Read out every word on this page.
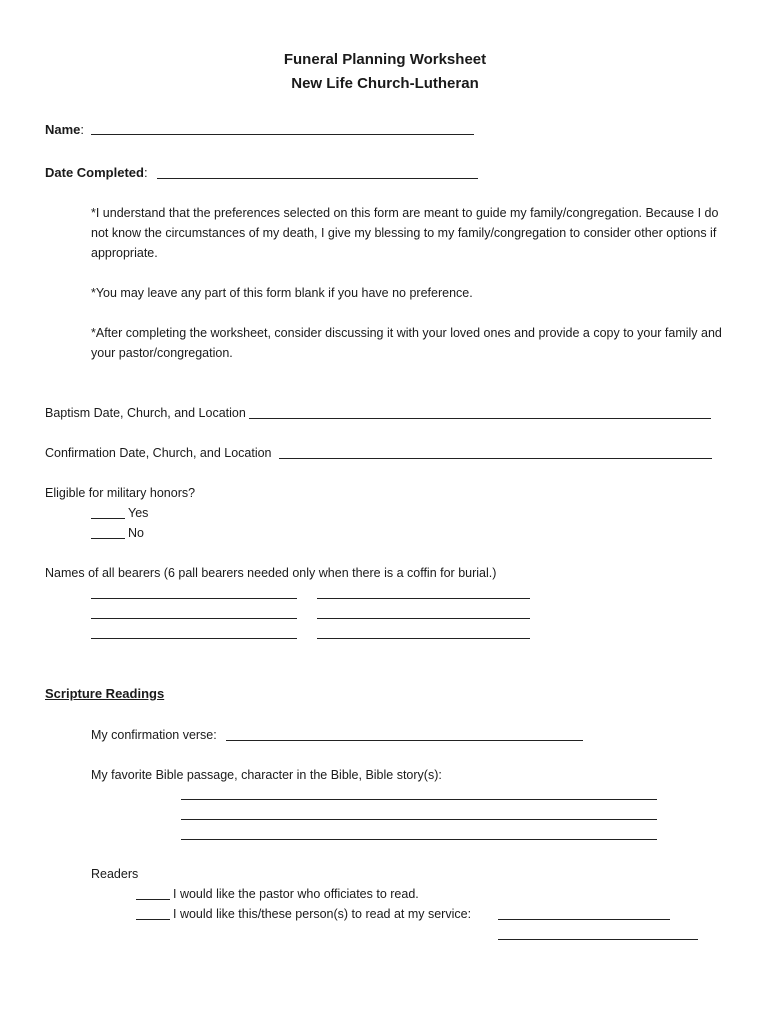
Funeral Planning Worksheet
New Life Church-Lutheran
Name:
Date Completed:
*I understand that the preferences selected on this form are meant to guide my family/congregation. Because I do not know the circumstances of my death, I give my blessing to my family/congregation to consider other options if appropriate.
*You may leave any part of this form blank if you have no preference.
*After completing the worksheet, consider discussing it with your loved ones and provide a copy to your family and your pastor/congregation.
Baptism Date, Church, and Location
Confirmation Date, Church, and Location
Eligible for military honors?
Yes
No
Names of all bearers (6 pall bearers needed only when there is a coffin for burial.)
Scripture Readings
My confirmation verse:
My favorite Bible passage, character in the Bible, Bible story(s):
Readers
I would like the pastor who officiates to read.
I would like this/these person(s) to read at my service:
